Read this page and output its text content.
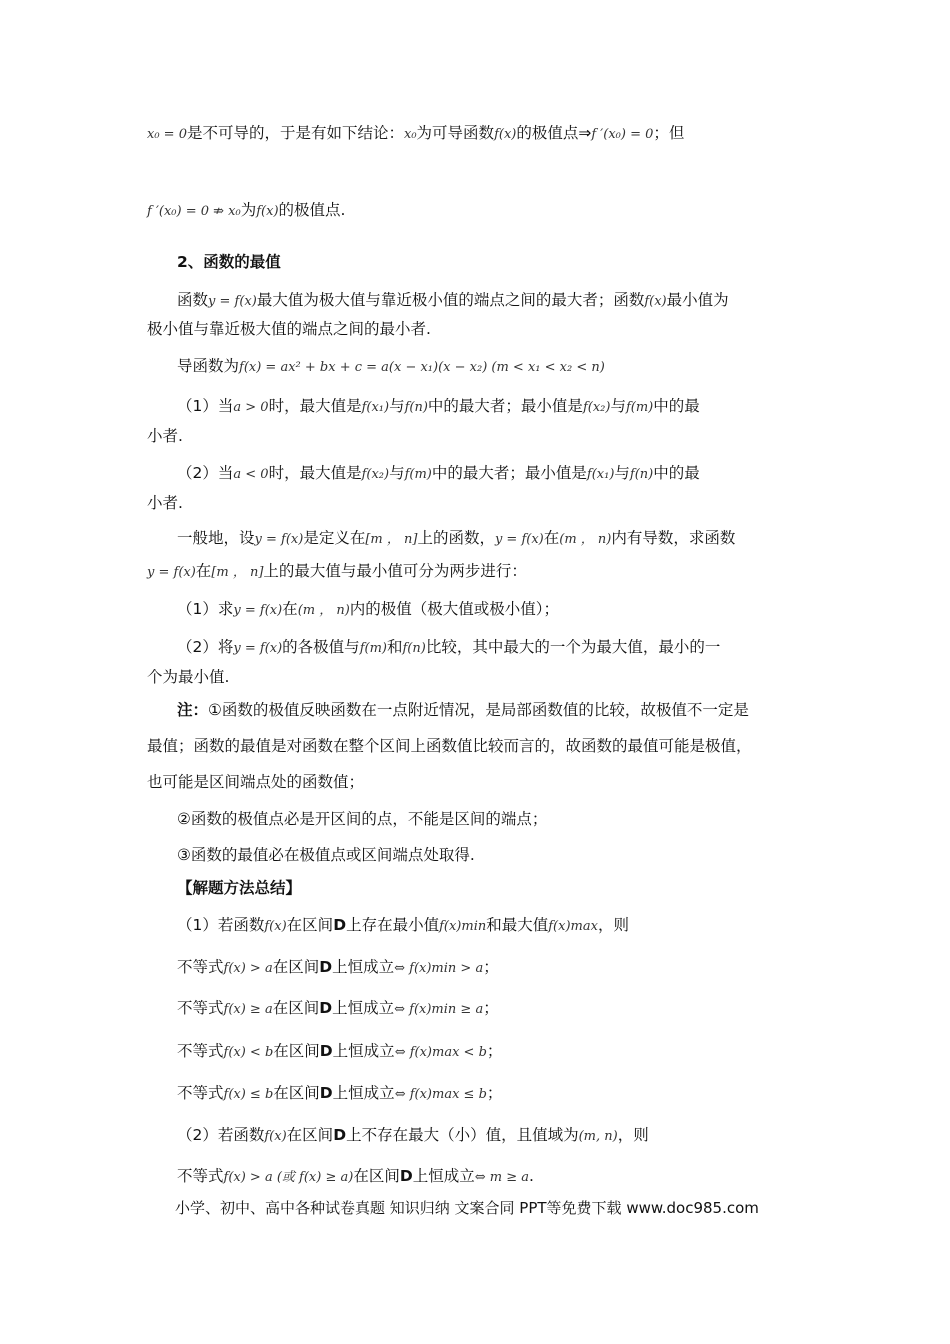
x₀ = 0是不可导的，于是有如下结论：x₀为可导函数f(x)的极值点⇒f ′(x₀) = 0；但
f ′(x₀) = 0 ⇏ x₀为f(x)的极值点.
2、函数的最值
函数y = f(x)最大值为极大值与靠近极小值的端点之间的最大者；函数f(x)最小值为
极小值与靠近极大值的端点之间的最小者.
导函数为f(x) = ax² + bx + c = a(x − x₁)(x − x₂) (m < x₁ < x₂ < n)
（1）当a > 0时，最大值是f(x₁)与f(n)中的最大者；最小值是f(x₂)与f(m)中的最
小者.
（2）当a < 0时，最大值是f(x₂)与f(m)中的最大者；最小值是f(x₁)与f(n)中的最
小者.
一般地，设y = f(x)是定义在[m ， n]上的函数，y = f(x)在(m ， n)内有导数，求函数
y = f(x)在[m ， n]上的最大值与最小值可分为两步进行：
（1）求y = f(x)在(m ， n)内的极值（极大值或极小值）；
（2）将y = f(x)的各极值与f(m)和f(n)比较，其中最大的一个为最大值，最小的一
个为最小值.
注：①函数的极值反映函数在一点附近情况，是局部函数值的比较，故极值不一定是
最值；函数的最值是对函数在整个区间上函数值比较而言的，故函数的最值可能是极值，
也可能是区间端点处的函数值；
②函数的极值点必是开区间的点，不能是区间的端点；
③函数的最值必在极值点或区间端点处取得.
【解题方法总结】
（1）若函数f(x)在区间D上存在最小值f(x)min和最大值f(x)max，则
不等式f(x) > a在区间D上恒成立⇔ f(x)min > a；
不等式f(x) ≥ a在区间D上恒成立⇔ f(x)min ≥ a；
不等式f(x) < b在区间D上恒成立⇔ f(x)max < b；
不等式f(x) ≤ b在区间D上恒成立⇔ f(x)max ≤ b；
（2）若函数f(x)在区间D上不存在最大（小）值，且值域为(m, n)，则
不等式f(x) > a (或 f(x) ≥ a)在区间D上恒成立⇔ m ≥ a.
小学、初中、高中各种试卷真题 知识归纳 文案合同 PPT等免费下载 www.doc985.com
